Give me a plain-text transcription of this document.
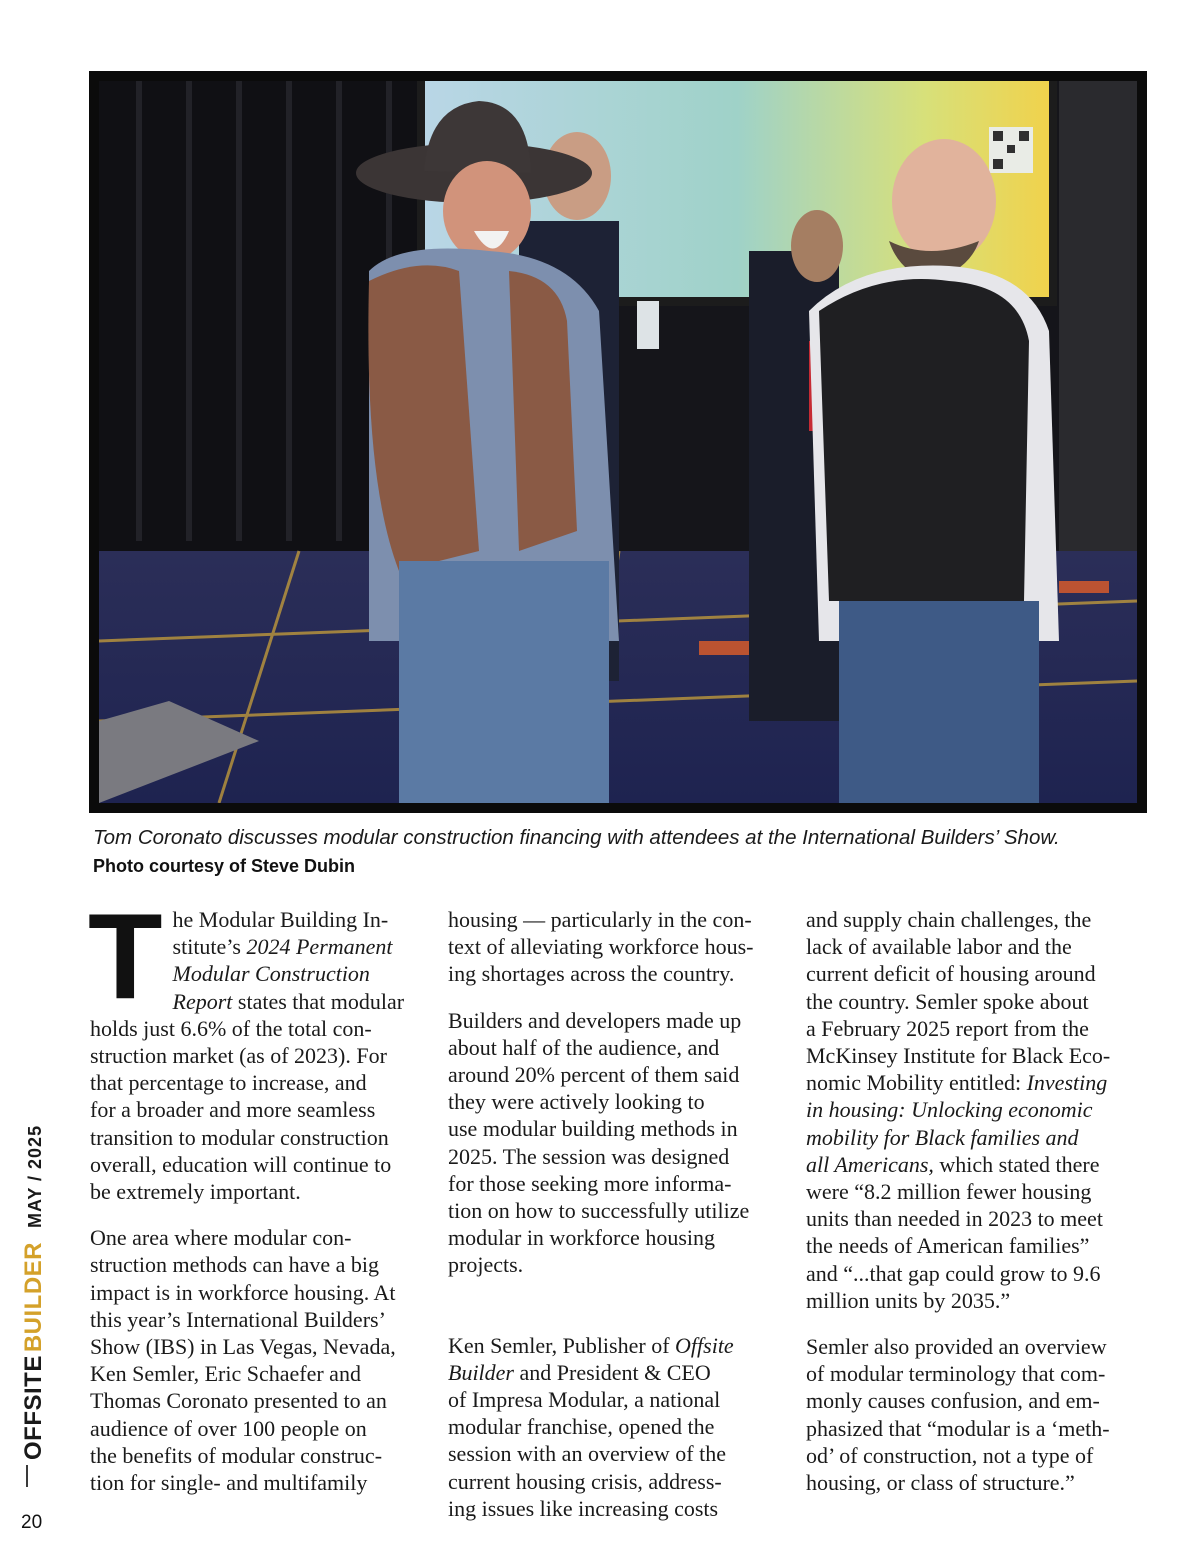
Tom Coronato discusses modular construction financing with attendees at the International Builders’ Show.
Photo courtesy of Steve Dubin

T he Modular Building In-
stitute’s 2024 Permanent
Modular Construction
Report states that modular
holds just 6.6% of the total con-
struction market (as of 2023). For
that percentage to increase, and
for a broader and more seamless
transition to modular construction
overall, education will continue to
be extremely important.

One area where modular con-
struction methods can have a big
impact is in workforce housing. At
this year’s International Builders’
Show (IBS) in Las Vegas, Nevada,
Ken Semler, Eric Schaefer and
Thomas Coronato presented to an
audience of over 100 people on
the benefits of modular construc-
tion for single- and multifamily

housing — particularly in the con-
text of alleviating workforce hous-
ing shortages across the country.

Builders and developers made up
about half of the audience, and
around 20% percent of them said
they were actively looking to
use modular building methods in
2025. The session was designed
for those seeking more informa-
tion on how to successfully utilize
modular in workforce housing
projects.

Ken Semler, Publisher of Offsite
Builder and President & CEO
of Impresa Modular, a national
modular franchise, opened the
session with an overview of the
current housing crisis, address-
ing issues like increasing costs

and supply chain challenges, the
lack of available labor and the
current deficit of housing around
the country. Semler spoke about
a February 2025 report from the
McKinsey Institute for Black Eco-
nomic Mobility entitled: Investing
in housing: Unlocking economic
mobility for Black families and
all Americans, which stated there
were “8.2 million fewer housing
units than needed in 2023 to meet
the needs of American families”
and “...that gap could grow to 9.6
million units by 2035.”

Semler also provided an overview
of modular terminology that com-
monly causes confusion, and em-
phasized that “modular is a ‘meth-
od’ of construction, not a type of
housing, or class of structure.”

OFFSITEBUILDERMAY / 2025
20
